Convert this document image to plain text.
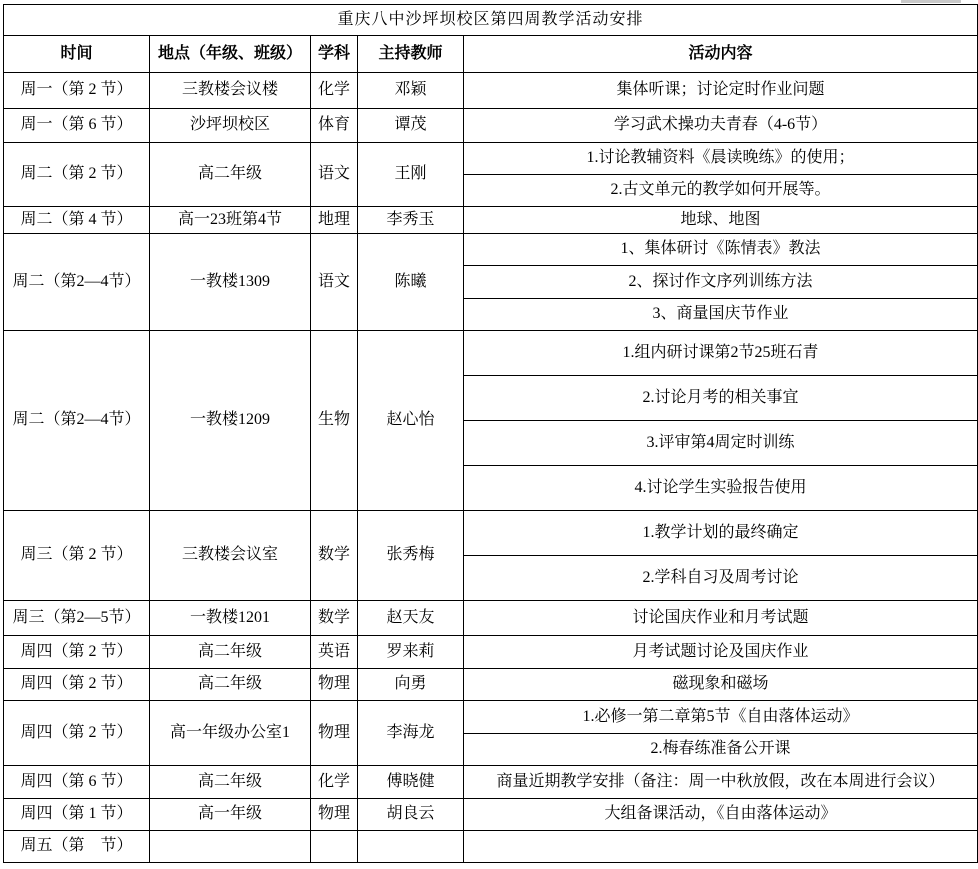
重庆八中沙坪坝校区第四周教学活动安排				
时间	地点（年级、班级）	学科	主持教师	活动内容
周一（第 2 节）	三教楼会议楼	化学	邓颖	集体听课；讨论定时作业问题
周一（第 6 节）	沙坪坝校区	体育	谭茂	学习武术操功夫青春（4-6节）
周二（第 2 节）	高二年级	语文	王刚	1.讨论教辅资料《晨读晚练》的使用；
				2.古文单元的教学如何开展等。
周二（第 4 节）	高一23班第4节	地理	李秀玉	地球、地图
周二（第2—4节）	一教楼1309	语文	陈曦	1、集体研讨《陈情表》教法
				2、探讨作文序列训练方法
				3、商量国庆节作业
周二（第2—4节）	一教楼1209	生物	赵心怡	1.组内研讨课第2节25班石青
				2.讨论月考的相关事宜
				3.评审第4周定时训练
				4.讨论学生实验报告使用
周三（第 2 节）	三教楼会议室	数学	张秀梅	1.教学计划的最终确定
				2.学科自习及周考讨论
周三（第2—5节）	一教楼1201	数学	赵天友	讨论国庆作业和月考试题
周四（第 2 节）	高二年级	英语	罗来莉	月考试题讨论及国庆作业
周四（第 2 节）	高二年级	物理	向勇	磁现象和磁场
周四（第 2 节）	高一年级办公室1	物理	李海龙	1.必修一第二章第5节《自由落体运动》
				2.梅春练准备公开课
周四（第 6 节）	高二年级	化学	傅晓健	商量近期教学安排（备注：周一中秋放假，改在本周进行会议）
周四（第 1 节）	高一年级	物理	胡良云	大组备课活动，《自由落体运动》
周五（第　节）				
